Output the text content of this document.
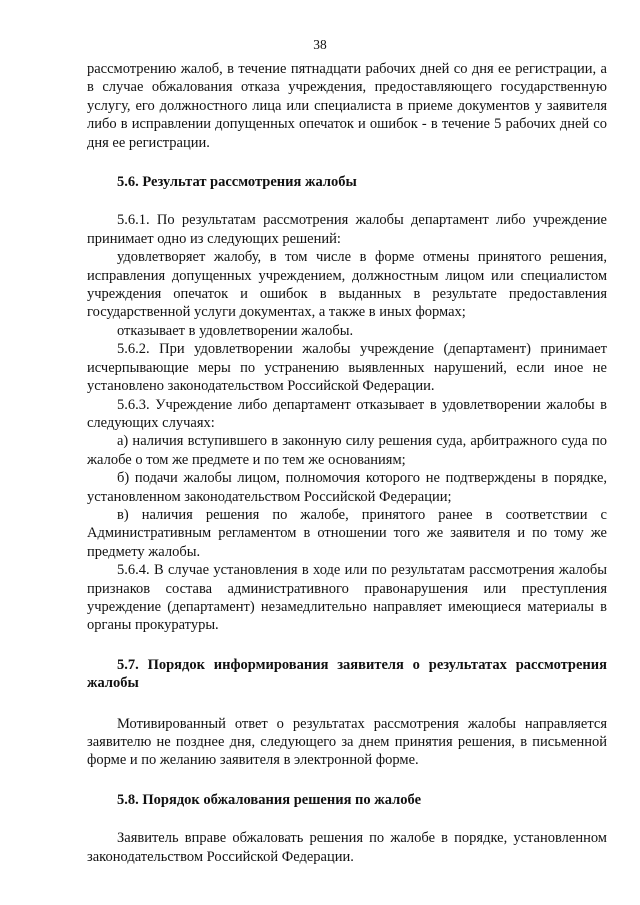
38

рассмотрению жалоб, в течение пятнадцати рабочих дней со дня ее регистрации, а в случае обжалования отказа учреждения, предоставляющего государственную услугу, его должностного лица или специалиста в приеме документов у заявителя либо в исправлении допущенных опечаток и ошибок - в течение 5 рабочих дней со дня ее регистрации.

5.6. Результат рассмотрения жалобы

5.6.1. По результатам рассмотрения жалобы департамент либо учреждение принимает одно из следующих решений:

удовлетворяет жалобу, в том числе в форме отмены принятого решения, исправления допущенных учреждением, должностным лицом или специалистом учреждения опечаток и ошибок в выданных в результате предоставления государственной услуги документах, а также в иных формах;

отказывает в удовлетворении жалобы.

5.6.2. При удовлетворении жалобы учреждение (департамент) принимает исчерпывающие меры по устранению выявленных нарушений, если иное не установлено законодательством Российской Федерации.

5.6.3. Учреждение либо департамент отказывает в удовлетворении жалобы в следующих случаях:

а) наличия вступившего в законную силу решения суда, арбитражного суда по жалобе о том же предмете и по тем же основаниям;

б) подачи жалобы лицом, полномочия которого не подтверждены в порядке, установленном законодательством Российской Федерации;

в) наличия решения по жалобе, принятого ранее в соответствии с Административным регламентом в отношении того же заявителя и по тому же предмету жалобы.

5.6.4. В случае установления в ходе или по результатам рассмотрения жалобы признаков состава административного правонарушения или преступления учреждение (департамент) незамедлительно направляет имеющиеся материалы в органы прокуратуры.

5.7. Порядок информирования заявителя о результатах рассмотрения жалобы

Мотивированный ответ о результатах рассмотрения жалобы направляется заявителю не позднее дня, следующего за днем принятия решения, в письменной форме и по желанию заявителя в электронной форме.

5.8. Порядок обжалования решения по жалобе

Заявитель вправе обжаловать решения по жалобе в порядке, установленном законодательством Российской Федерации.
